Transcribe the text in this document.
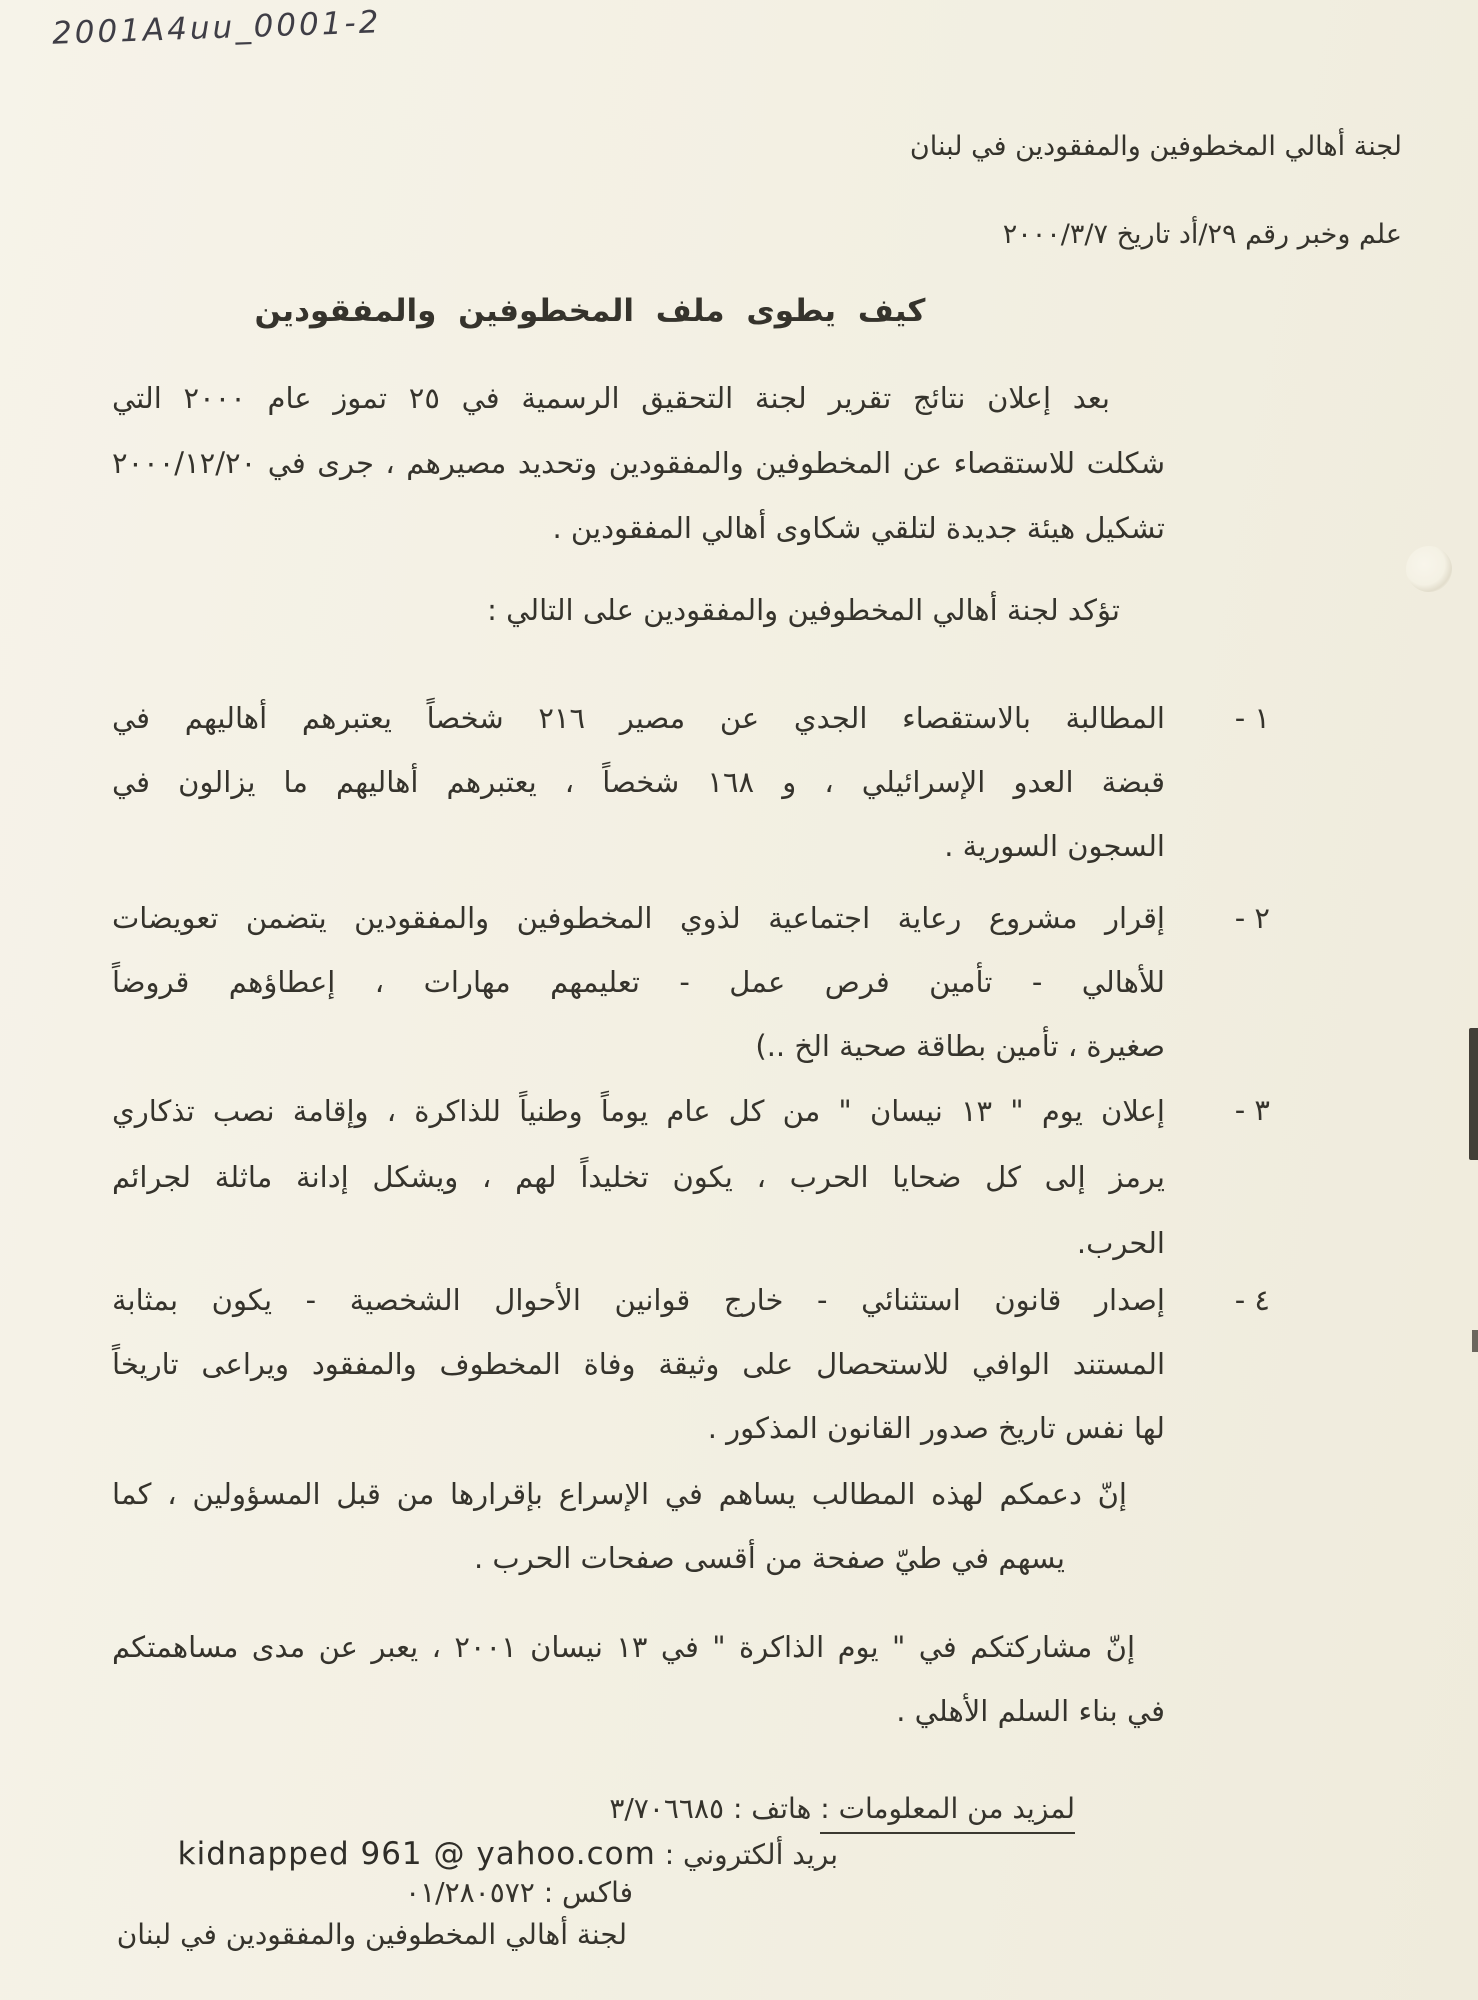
2001A4uu_0001-2
لجنة أهالي المخطوفين والمفقودين في لبنان
علم وخبر رقم ٢٩/أد تاريخ ٢٠٠٠/٣/٧
كيف يطوى ملف المخطوفين والمفقودين
بعد إعلان نتائج تقرير لجنة التحقيق الرسمية في ٢٥ تموز عام ٢٠٠٠ التي
شكلت للاستقصاء عن المخطوفين والمفقودين وتحديد مصيرهم ، جرى في ٢٠٠٠/١٢/٢٠
تشكيل هيئة جديدة لتلقي شكاوى أهالي المفقودين .
تؤكد لجنة أهالي المخطوفين والمفقودين على التالي :
١ -
المطالبة بالاستقصاء الجدي عن مصير ٢١٦ شخصاً يعتبرهم أهاليهم في
قبضة العدو الإسرائيلي ، و ١٦٨ شخصاً ، يعتبرهم أهاليهم ما يزالون في
السجون السورية .
٢ -
إقرار مشروع رعاية اجتماعية لذوي المخطوفين والمفقودين يتضمن تعويضات
للأهالي - تأمين فرص عمل - تعليمهم مهارات ، إعطاؤهم قروضاً
صغيرة ، تأمين بطاقة صحية الخ ..)
٣ -
إعلان يوم " ١٣ نيسان " من كل عام يوماً وطنياً للذاكرة ، وإقامة نصب تذكاري
يرمز إلى كل ضحايا الحرب ، يكون تخليداً لهم ، ويشكل إدانة ماثلة لجرائم
الحرب.
٤ -
إصدار قانون استثنائي - خارج قوانين الأحوال الشخصية - يكون بمثابة
المستند الوافي للاستحصال على وثيقة وفاة المخطوف والمفقود ويراعى تاريخاً
لها نفس تاريخ صدور القانون المذكور .
إنّ دعمكم لهذه المطالب يساهم في الإسراع بإقرارها من قبل المسؤولين ، كما
يسهم في طيّ صفحة من أقسى صفحات الحرب .
إنّ مشاركتكم في " يوم الذاكرة " في ١٣ نيسان ٢٠٠١ ، يعبر عن مدى مساهمتكم
في بناء السلم الأهلي .
لمزيد من المعلومات : هاتف : ٣/٧٠٦٦٨٥
بريد ألكتروني : kidnapped 961 @ yahoo.com
فاكس : ٠١/٢٨٠٥٧٢
لجنة أهالي المخطوفين والمفقودين في لبنان
